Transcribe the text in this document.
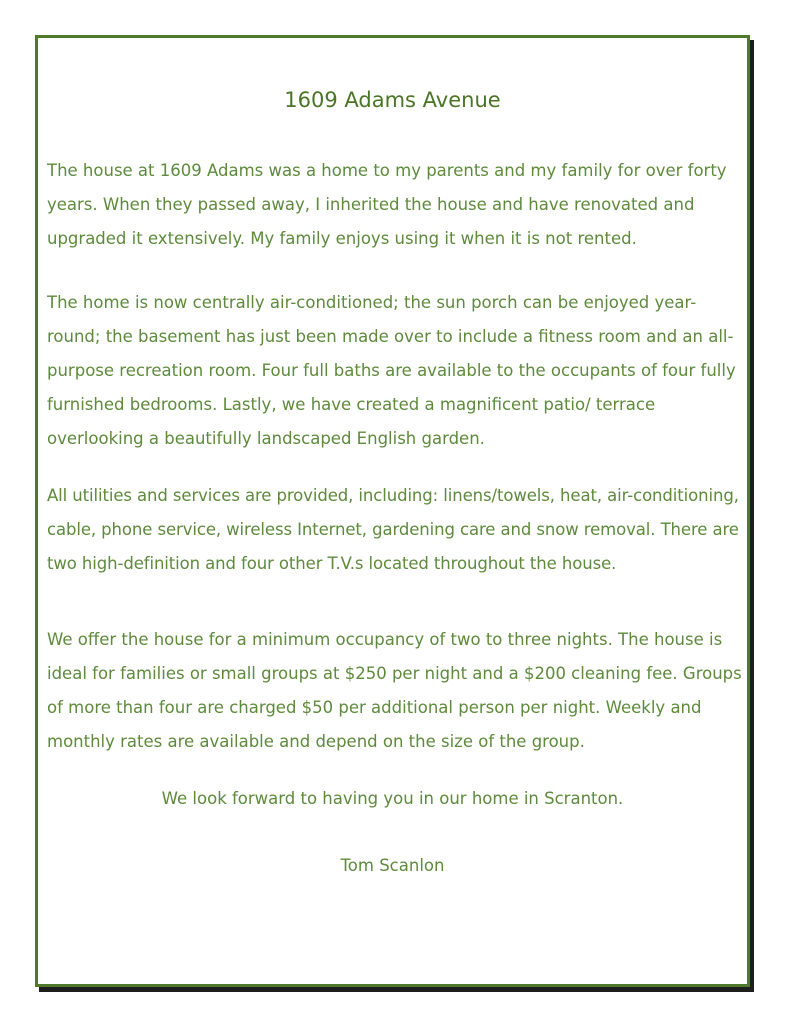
1609 Adams Avenue

The house at 1609 Adams was a home to my parents and my family for over forty years. When they passed away, I inherited the house and have renovated and upgraded it extensively. My family enjoys using it when it is not rented.

The home is now centrally air-conditioned; the sun porch can be enjoyed year-round; the basement has just been made over to include a fitness room and an all-purpose recreation room. Four full baths are available to the occupants of four fully furnished bedrooms. Lastly, we have created a magnificent patio/ terrace overlooking a beautifully landscaped English garden.

All utilities and services are provided, including: linens/towels, heat, air-conditioning, cable, phone service, wireless Internet, gardening care and snow removal. There are two high-definition and four other T.V.s located throughout the house.

We offer the house for a minimum occupancy of two to three nights. The house is ideal for families or small groups at $250 per night and a $200 cleaning fee. Groups of more than four are charged $50 per additional person per night. Weekly and monthly rates are available and depend on the size of the group.

We look forward to having you in our home in Scranton.

Tom Scanlon
